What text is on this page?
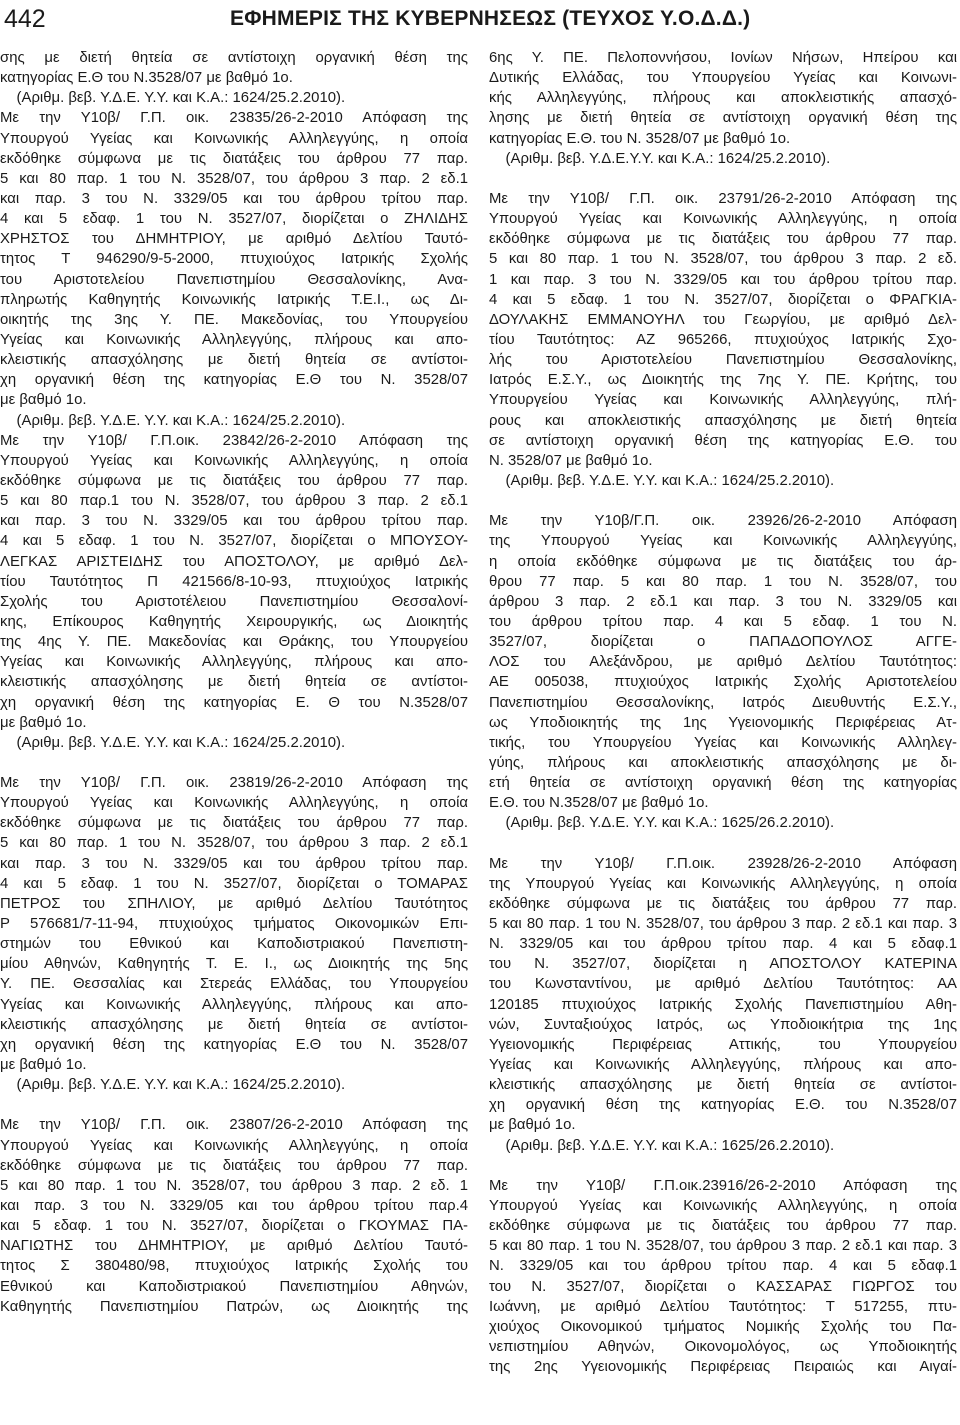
442	ΕΦΗΜΕΡΙΣ ΤΗΣ ΚΥΒΕΡΝΗΣΕΩΣ (ΤΕΥΧΟΣ Υ.Ο.Δ.Δ.)
σης με διετή θητεία σε αντίστοιχη οργανική θέση της
κατηγορίας Ε.Θ του Ν.3528/07 με βαθμό 1ο.
(Αριθμ. βεβ. Υ.Δ.Ε. Υ.Υ. και Κ.Α.: 1624/25.2.2010).
Με την Υ10β/ Γ.Π. οικ. 23835/26-2-2010 Απόφαση της
Υπουργού Υγείας και Κοινωνικής Αλληλεγγύης, η οποία
εκδόθηκε σύμφωνα με τις διατάξεις του άρθρου 77 παρ.
5 και 80 παρ. 1 του Ν. 3528/07, του άρθρου 3 παρ. 2 εδ.1
και παρ. 3 του Ν. 3329/05 και του άρθρου τρίτου παρ.
4 και 5 εδαφ. 1 του Ν. 3527/07, διορίζεται ο ΖΗΛΙΔΗΣ
ΧΡΗΣΤΟΣ του ΔΗΜΗΤΡΙΟΥ, με αριθμό Δελτίου Ταυτό-
τητος Τ 946290/9-5-2000, πτυχιούχος Ιατρικής Σχολής
του Αριστοτελείου Πανεπιστημίου Θεσσαλονίκης, Ανα-
πληρωτής Καθηγητής Κοινωνικής Ιατρικής Τ.Ε.Ι., ως Δι-
οικητής της 3ης Υ. ΠΕ. Μακεδονίας, του Υπουργείου
Υγείας και Κοινωνικής Αλληλεγγύης, πλήρους και απο-
κλειστικής απασχόλησης με διετή θητεία σε αντίστοι-
χη οργανική θέση της κατηγορίας Ε.Θ του Ν. 3528/07
με βαθμό 1ο.
(Αριθμ. βεβ. Υ.Δ.Ε. Υ.Υ. και Κ.Α.: 1624/25.2.2010).
Με την Υ10β/ Γ.Π.οικ. 23842/26-2-2010 Απόφαση της
Υπουργού Υγείας και Κοινωνικής Αλληλεγγύης, η οποία
εκδόθηκε σύμφωνα με τις διατάξεις του άρθρου 77 παρ.
5 και 80 παρ.1 του Ν. 3528/07, του άρθρου 3 παρ. 2 εδ.1
και παρ. 3 του Ν. 3329/05 και του άρθρου τρίτου παρ.
4 και 5 εδαφ. 1 του Ν. 3527/07, διορίζεται ο ΜΠΟΥΣΟΥ-
ΛΕΓΚΑΣ ΑΡΙΣΤΕΙΔΗΣ του ΑΠΟΣΤΟΛΟΥ, με αριθμό Δελ-
τίου Ταυτότητος Π 421566/8-10-93, πτυχιούχος Ιατρικής
Σχολής του Αριστοτέλειου Πανεπιστημίου Θεσσαλονί-
κης, Επίκουρος Καθηγητής Χειρουργικής, ως Διοικητής
της 4ης Υ. ΠΕ. Μακεδονίας και Θράκης, του Υπουργείου
Υγείας και Κοινωνικής Αλληλεγγύης, πλήρους και απο-
κλειστικής απασχόλησης με διετή θητεία σε αντίστοι-
χη οργανική θέση της κατηγορίας Ε. Θ του Ν.3528/07
με βαθμό 1ο.
(Αριθμ. βεβ. Υ.Δ.Ε. Υ.Υ. και Κ.Α.: 1624/25.2.2010).
Με την Υ10β/ Γ.Π. οικ. 23819/26-2-2010 Απόφαση της
Υπουργού Υγείας και Κοινωνικής Αλληλεγγύης, η οποία
εκδόθηκε σύμφωνα με τις διατάξεις του άρθρου 77 παρ.
5 και 80 παρ. 1 του Ν. 3528/07, του άρθρου 3 παρ. 2 εδ.1
και παρ. 3 του Ν. 3329/05 και του άρθρου τρίτου παρ.
4 και 5 εδαφ. 1 του Ν. 3527/07, διορίζεται ο ΤΟΜΑΡΑΣ
ΠΕΤΡΟΣ του ΣΠΗΛΙΟΥ, με αριθμό Δελτίου Ταυτότητος
Ρ 576681/7-11-94, πτυχιούχος τμήματος Οικονομικών Επι-
στημών του Εθνικού και Καποδιστριακού Πανεπιστη-
μίου Αθηνών, Καθηγητής Τ. Ε. Ι., ως Διοικητής της 5ης
Υ. ΠΕ. Θεσσαλίας και Στερεάς Ελλάδας, του Υπουργείου
Υγείας και Κοινωνικής Αλληλεγγύης, πλήρους και απο-
κλειστικής απασχόλησης με διετή θητεία σε αντίστοι-
χη οργανική θέση της κατηγορίας Ε.Θ του Ν. 3528/07
με βαθμό 1ο.
(Αριθμ. βεβ. Υ.Δ.Ε. Υ.Υ. και Κ.Α.: 1624/25.2.2010).
Με την Υ10β/ Γ.Π. οικ. 23807/26-2-2010 Απόφαση της
Υπουργού Υγείας και Κοινωνικής Αλληλεγγύης, η οποία
εκδόθηκε σύμφωνα με τις διατάξεις του άρθρου 77 παρ.
5 και 80 παρ. 1 του Ν. 3528/07, του άρθρου 3 παρ. 2 εδ. 1
και παρ. 3 του Ν. 3329/05 και του άρθρου τρίτου παρ.4
και 5 εδαφ. 1 του Ν. 3527/07, διορίζεται ο ΓΚΟΥΜΑΣ ΠΑ-
ΝΑΓΙΩΤΗΣ του ΔΗΜΗΤΡΙΟΥ, με αριθμό Δελτίου Ταυτό-
τητος Σ 380480/98, πτυχιούχος Ιατρικής Σχολής του
Εθνικού και Καποδιστριακού Πανεπιστημίου Αθηνών,
Καθηγητής Πανεπιστημίου Πατρών, ως Διοικητής της
6ης Υ. ΠΕ. Πελοποννήσου, Ιονίων Νήσων, Ηπείρου και
Δυτικής Ελλάδας, του Υπουργείου Υγείας και Κοινωνι-
κής Αλληλεγγύης, πλήρους και αποκλειστικής απασχό-
λησης με διετή θητεία σε αντίστοιχη οργανική θέση της
κατηγορίας Ε.Θ. του Ν. 3528/07 με βαθμό 1ο.
(Αριθμ. βεβ. Υ.Δ.Ε.Υ.Υ. και Κ.Α.: 1624/25.2.2010).
Με την Υ10β/ Γ.Π. οικ. 23791/26-2-2010 Απόφαση της
Υπουργού Υγείας και Κοινωνικής Αλληλεγγύης, η οποία
εκδόθηκε σύμφωνα με τις διατάξεις του άρθρου 77 παρ.
5 και 80 παρ. 1 του Ν. 3528/07, του άρθρου 3 παρ. 2 εδ.
1 και παρ. 3 του Ν. 3329/05 και του άρθρου τρίτου παρ.
4 και 5 εδαφ. 1 του Ν. 3527/07, διορίζεται ο ΦΡΑΓΚΙΑ-
ΔΟΥΛΑΚΗΣ ΕΜΜΑΝΟΥΗΛ του Γεωργίου, με αριθμό Δελ-
τίου Ταυτότητος: ΑΖ 965266, πτυχιούχος Ιατρικής Σχο-
λής του Αριστοτελείου Πανεπιστημίου Θεσσαλονίκης,
Ιατρός Ε.Σ.Υ., ως Διοικητής της 7ης Υ. ΠΕ. Κρήτης, του
Υπουργείου Υγείας και Κοινωνικής Αλληλεγγύης, πλή-
ρους και αποκλειστικής απασχόλησης με διετή θητεία
σε αντίστοιχη οργανική θέση της κατηγορίας Ε.Θ. του
Ν. 3528/07 με βαθμό 1ο.
(Αριθμ. βεβ. Υ.Δ.Ε. Υ.Υ. και Κ.Α.: 1624/25.2.2010).
Με την Υ10β/Γ.Π. οικ. 23926/26-2-2010 Απόφαση
της Υπουργού Υγείας και Κοινωνικής Αλληλεγγύης,
η οποία εκδόθηκε σύμφωνα με τις διατάξεις του άρ-
θρου 77 παρ. 5 και 80 παρ. 1 του Ν. 3528/07, του
άρθρου 3 παρ. 2 εδ.1 και παρ. 3 του Ν. 3329/05 και
του άρθρου τρίτου παρ. 4 και 5 εδαφ. 1 του Ν.
3527/07, διορίζεται ο ΠΑΠΑΔΟΠΟΥΛΟΣ ΑΓΓΕ-
ΛΟΣ του Αλεξάνδρου, με αριθμό Δελτίου Ταυτότητος:
ΑΕ 005038, πτυχιούχος Ιατρικής Σχολής Αριστοτελείου
Πανεπιστημίου Θεσσαλονίκης, Ιατρός Διευθυντής Ε.Σ.Υ.,
ως Υποδιοικητής της 1ης Υγειονομικής Περιφέρειας Ατ-
τικής, του Υπουργείου Υγείας και Κοινωνικής Αλληλεγ-
γύης, πλήρους και αποκλειστικής απασχόλησης με δι-
ετή θητεία σε αντίστοιχη οργανική θέση της κατηγορίας
Ε.Θ. του Ν.3528/07 με βαθμό 1ο.
(Αριθμ. βεβ. Υ.Δ.Ε. Υ.Υ. και Κ.Α.: 1625/26.2.2010).
Με την Υ10β/ Γ.Π.οικ. 23928/26-2-2010 Απόφαση
της Υπουργού Υγείας και Κοινωνικής Αλληλεγγύης, η οποία
εκδόθηκε σύμφωνα με τις διατάξεις του άρθρου 77 παρ.
5 και 80 παρ. 1 του Ν. 3528/07, του άρθρου 3 παρ. 2 εδ.1 και παρ. 3
Ν. 3329/05 και του άρθρου τρίτου παρ. 4 και 5 εδαφ.1
του Ν. 3527/07, διορίζεται η ΑΠΟΣΤΟΛΟΥ ΚΑΤΕΡΙΝΑ
του Κωνσταντίνου, με αριθμό Δελτίου Ταυτότητος: ΑΑ
120185 πτυχιούχος Ιατρικής Σχολής Πανεπιστημίου Αθη-
νών, Συνταξιούχος Ιατρός, ως Υποδιοικήτρια της 1ης
Υγειονομικής Περιφέρειας Αττικής, του Υπουργείου
Υγείας και Κοινωνικής Αλληλεγγύης, πλήρους και απο-
κλειστικής απασχόλησης με διετή θητεία σε αντίστοι-
χη οργανική θέση της κατηγορίας Ε.Θ. του Ν.3528/07
με βαθμό 1ο.
(Αριθμ. βεβ. Υ.Δ.Ε. Υ.Υ. και Κ.Α.: 1625/26.2.2010).
Με την Υ10β/ Γ.Π.οικ.23916/26-2-2010 Απόφαση της
Υπουργού Υγείας και Κοινωνικής Αλληλεγγύης, η οποία
εκδόθηκε σύμφωνα με τις διατάξεις του άρθρου 77 παρ.
5 και 80 παρ. 1 του Ν. 3528/07, του άρθρου 3 παρ. 2 εδ.1 και παρ. 3
Ν. 3329/05 και του άρθρου τρίτου παρ. 4 και 5 εδαφ.1
του Ν. 3527/07, διορίζεται ο ΚΑΣΣΑΡΑΣ ΓΙΩΡΓΟΣ του
Ιωάννη, με αριθμό Δελτίου Ταυτότητος: Τ 517255, πτυ-
χιούχος Οικονομικού τμήματος Νομικής Σχολής του Πα-
νεπιστημίου Αθηνών, Οικονομολόγος, ως Υποδιοικητής
της 2ης Υγειονομικής Περιφέρειας Πειραιώς και Αιγαί-
